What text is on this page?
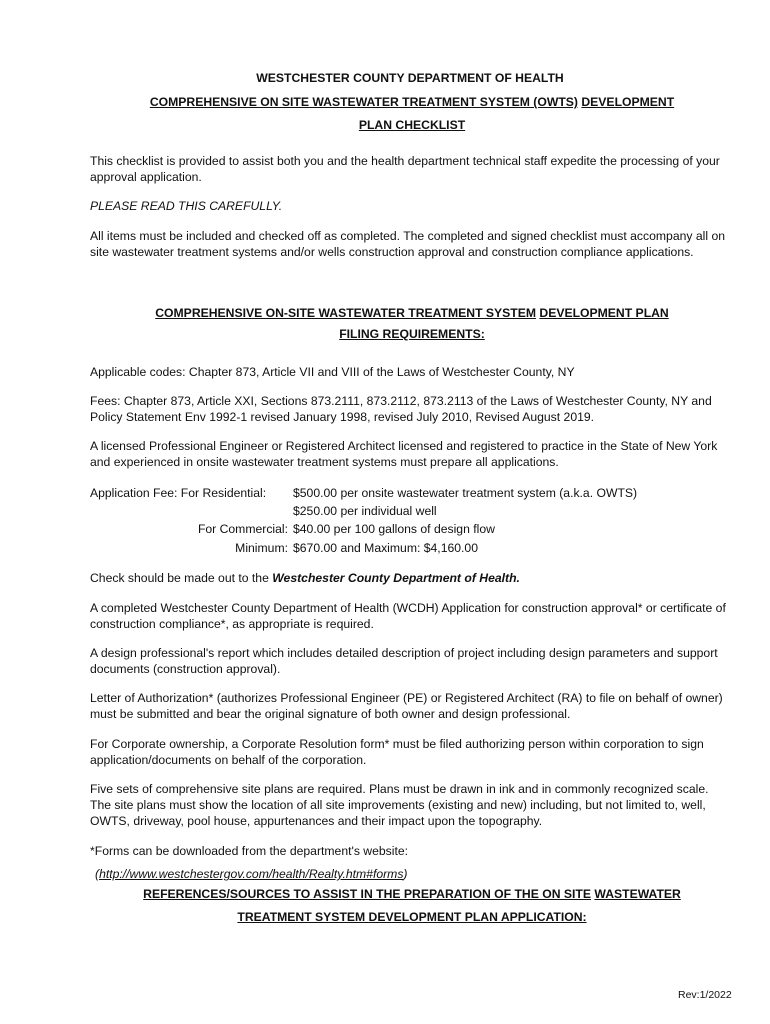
WESTCHESTER COUNTY DEPARTMENT OF HEALTH
COMPREHENSIVE ON SITE WASTEWATER TREATMENT SYSTEM (OWTS) DEVELOPMENT
PLAN CHECKLIST

This checklist is provided to assist both you and the health department technical staff expedite the processing of your approval application.

PLEASE READ THIS CAREFULLY.

All items must be included and checked off as completed. The completed and signed checklist must accompany all on site wastewater treatment systems and/or wells construction approval and construction compliance applications.

COMPREHENSIVE ON-SITE WASTEWATER TREATMENT SYSTEM DEVELOPMENT PLAN
FILING REQUIREMENTS:

Applicable codes: Chapter 873, Article VII and VIII of the Laws of Westchester County, NY

Fees: Chapter 873, Article XXI, Sections 873.2111, 873.2112, 873.2113 of the Laws of Westchester County, NY and Policy Statement Env 1992-1 revised January 1998, revised July 2010, Revised August 2019.

A licensed Professional Engineer or Registered Architect licensed and registered to practice in the State of New York and experienced in onsite wastewater treatment systems must prepare all applications.

Application Fee: For Residential: $500.00 per onsite wastewater treatment system (a.k.a. OWTS)
$250.00 per individual well
For Commercial: $40.00 per 100 gallons of design flow
Minimum: $670.00 and Maximum: $4,160.00

Check should be made out to the Westchester County Department of Health.

A completed Westchester County Department of Health (WCDH) Application for construction approval* or certificate of construction compliance*, as appropriate is required.

A design professional's report which includes detailed description of project including design parameters and support documents (construction approval).

Letter of Authorization* (authorizes Professional Engineer (PE) or Registered Architect (RA) to file on behalf of owner) must be submitted and bear the original signature of both owner and design professional.

For Corporate ownership, a Corporate Resolution form* must be filed authorizing person within corporation to sign application/documents on behalf of the corporation.

Five sets of comprehensive site plans are required. Plans must be drawn in ink and in commonly recognized scale. The site plans must show the location of all site improvements (existing and new) including, but not limited to, well, OWTS, driveway, pool house, appurtenances and their impact upon the topography.

*Forms can be downloaded from the department's website:

(http://www.westchestergov.com/health/Realty.htm#forms)

REFERENCES/SOURCES TO ASSIST IN THE PREPARATION OF THE ON SITE WASTEWATER
TREATMENT SYSTEM DEVELOPMENT PLAN APPLICATION:
Rev:1/2022
